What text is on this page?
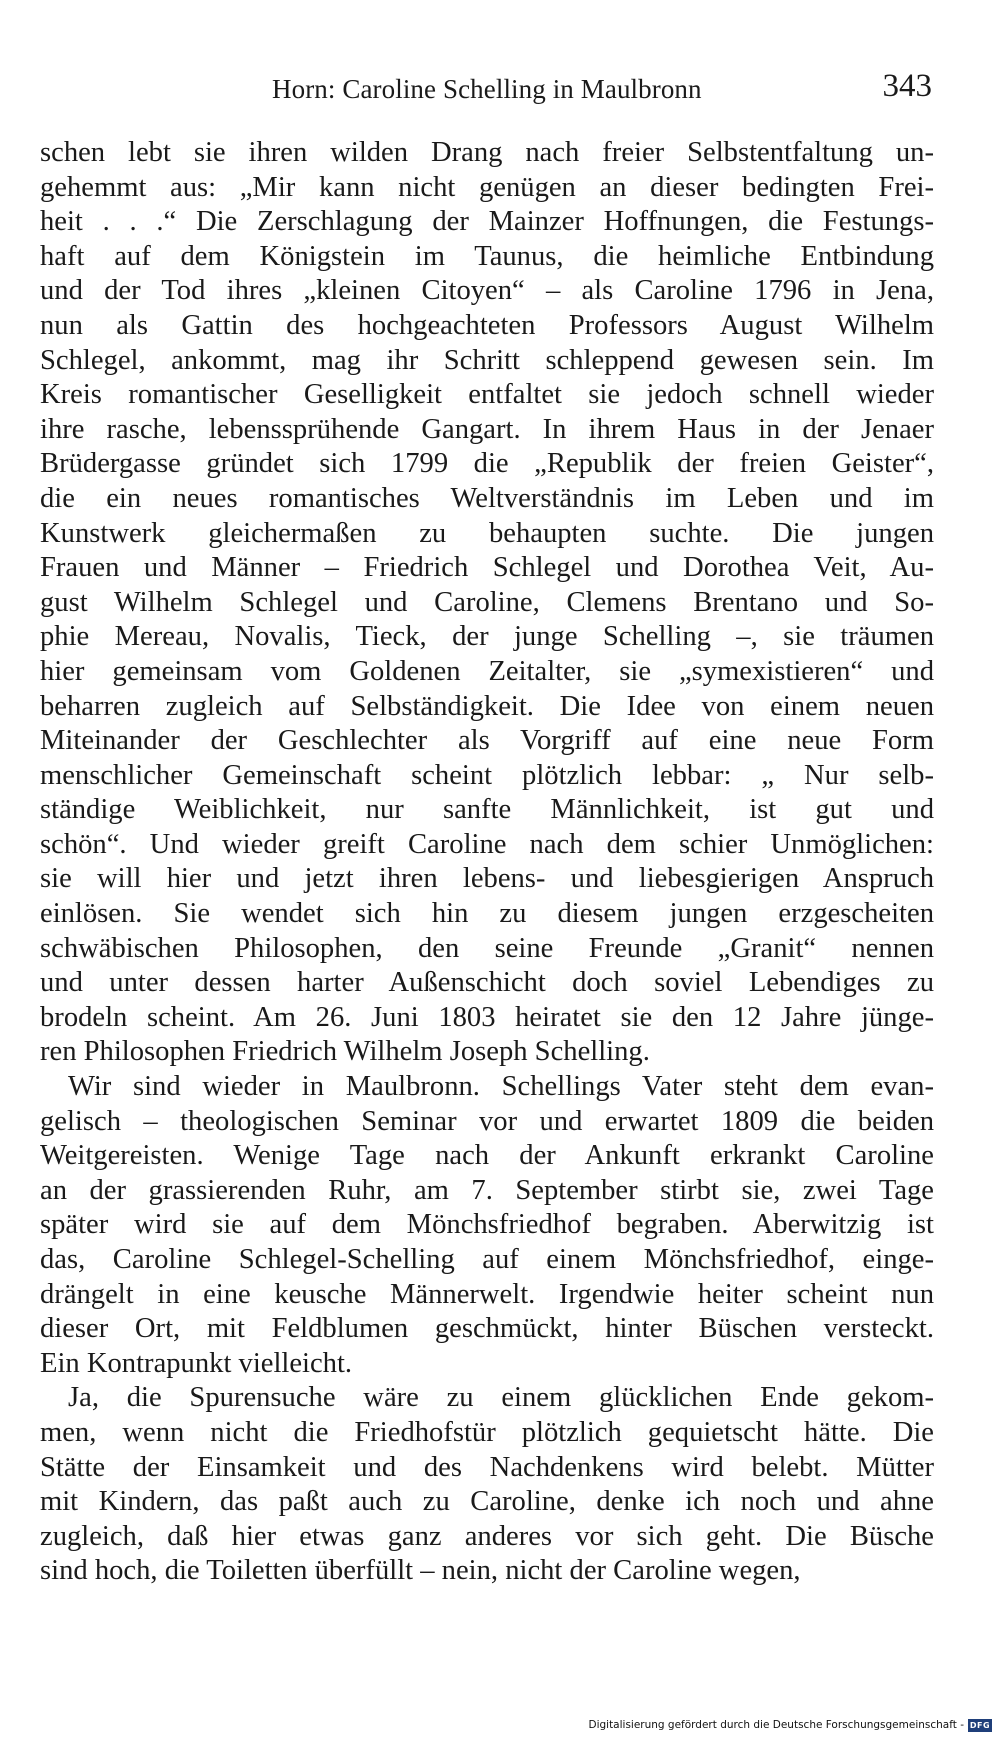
Horn: Caroline Schelling in Maulbronn	343
schen lebt sie ihren wilden Drang nach freier Selbstentfaltung un-
gehemmt aus: „Mir kann nicht genügen an dieser bedingten Frei-
heit . . .“ Die Zerschlagung der Mainzer Hoffnungen, die Festungs-
haft auf dem Königstein im Taunus, die heimliche Entbindung
und der Tod ihres „kleinen Citoyen“ – als Caroline 1796 in Jena,
nun als Gattin des hochgeachteten Professors August Wilhelm
Schlegel, ankommt, mag ihr Schritt schleppend gewesen sein. Im
Kreis romantischer Geselligkeit entfaltet sie jedoch schnell wieder
ihre rasche, lebenssprühende Gangart. In ihrem Haus in der Jenaer
Brüdergasse gründet sich 1799 die „Republik der freien Geister“,
die ein neues romantisches Weltverständnis im Leben und im
Kunstwerk gleichermaßen zu behaupten suchte. Die jungen
Frauen und Männer – Friedrich Schlegel und Dorothea Veit, Au-
gust Wilhelm Schlegel und Caroline, Clemens Brentano und So-
phie Mereau, Novalis, Tieck, der junge Schelling –, sie träumen
hier gemeinsam vom Goldenen Zeitalter, sie „symexistieren“ und
beharren zugleich auf Selbständigkeit. Die Idee von einem neuen
Miteinander der Geschlechter als Vorgriff auf eine neue Form
menschlicher Gemeinschaft scheint plötzlich lebbar: „ Nur selb-
ständige Weiblichkeit, nur sanfte Männlichkeit, ist gut und
schön“. Und wieder greift Caroline nach dem schier Unmöglichen:
sie will hier und jetzt ihren lebens- und liebesgierigen Anspruch
einlösen. Sie wendet sich hin zu diesem jungen erzgescheiten
schwäbischen Philosophen, den seine Freunde „Granit“ nennen
und unter dessen harter Außenschicht doch soviel Lebendiges zu
brodeln scheint. Am 26. Juni 1803 heiratet sie den 12 Jahre jünge-
ren Philosophen Friedrich Wilhelm Joseph Schelling.
Wir sind wieder in Maulbronn. Schellings Vater steht dem evan-
gelisch – theologischen Seminar vor und erwartet 1809 die beiden
Weitgereisten. Wenige Tage nach der Ankunft erkrankt Caroline
an der grassierenden Ruhr, am 7. September stirbt sie, zwei Tage
später wird sie auf dem Mönchsfriedhof begraben. Aberwitzig ist
das, Caroline Schlegel-Schelling auf einem Mönchsfriedhof, einge-
drängelt in eine keusche Männerwelt. Irgendwie heiter scheint nun
dieser Ort, mit Feldblumen geschmückt, hinter Büschen versteckt.
Ein Kontrapunkt vielleicht.
Ja, die Spurensuche wäre zu einem glücklichen Ende gekom-
men, wenn nicht die Friedhofstür plötzlich gequietscht hätte. Die
Stätte der Einsamkeit und des Nachdenkens wird belebt. Mütter
mit Kindern, das paßt auch zu Caroline, denke ich noch und ahne
zugleich, daß hier etwas ganz anderes vor sich geht. Die Büsche
sind hoch, die Toiletten überfüllt – nein, nicht der Caroline wegen,
Digitalisierung gefördert durch die Deutsche Forschungsgemeinschaft - DFG
